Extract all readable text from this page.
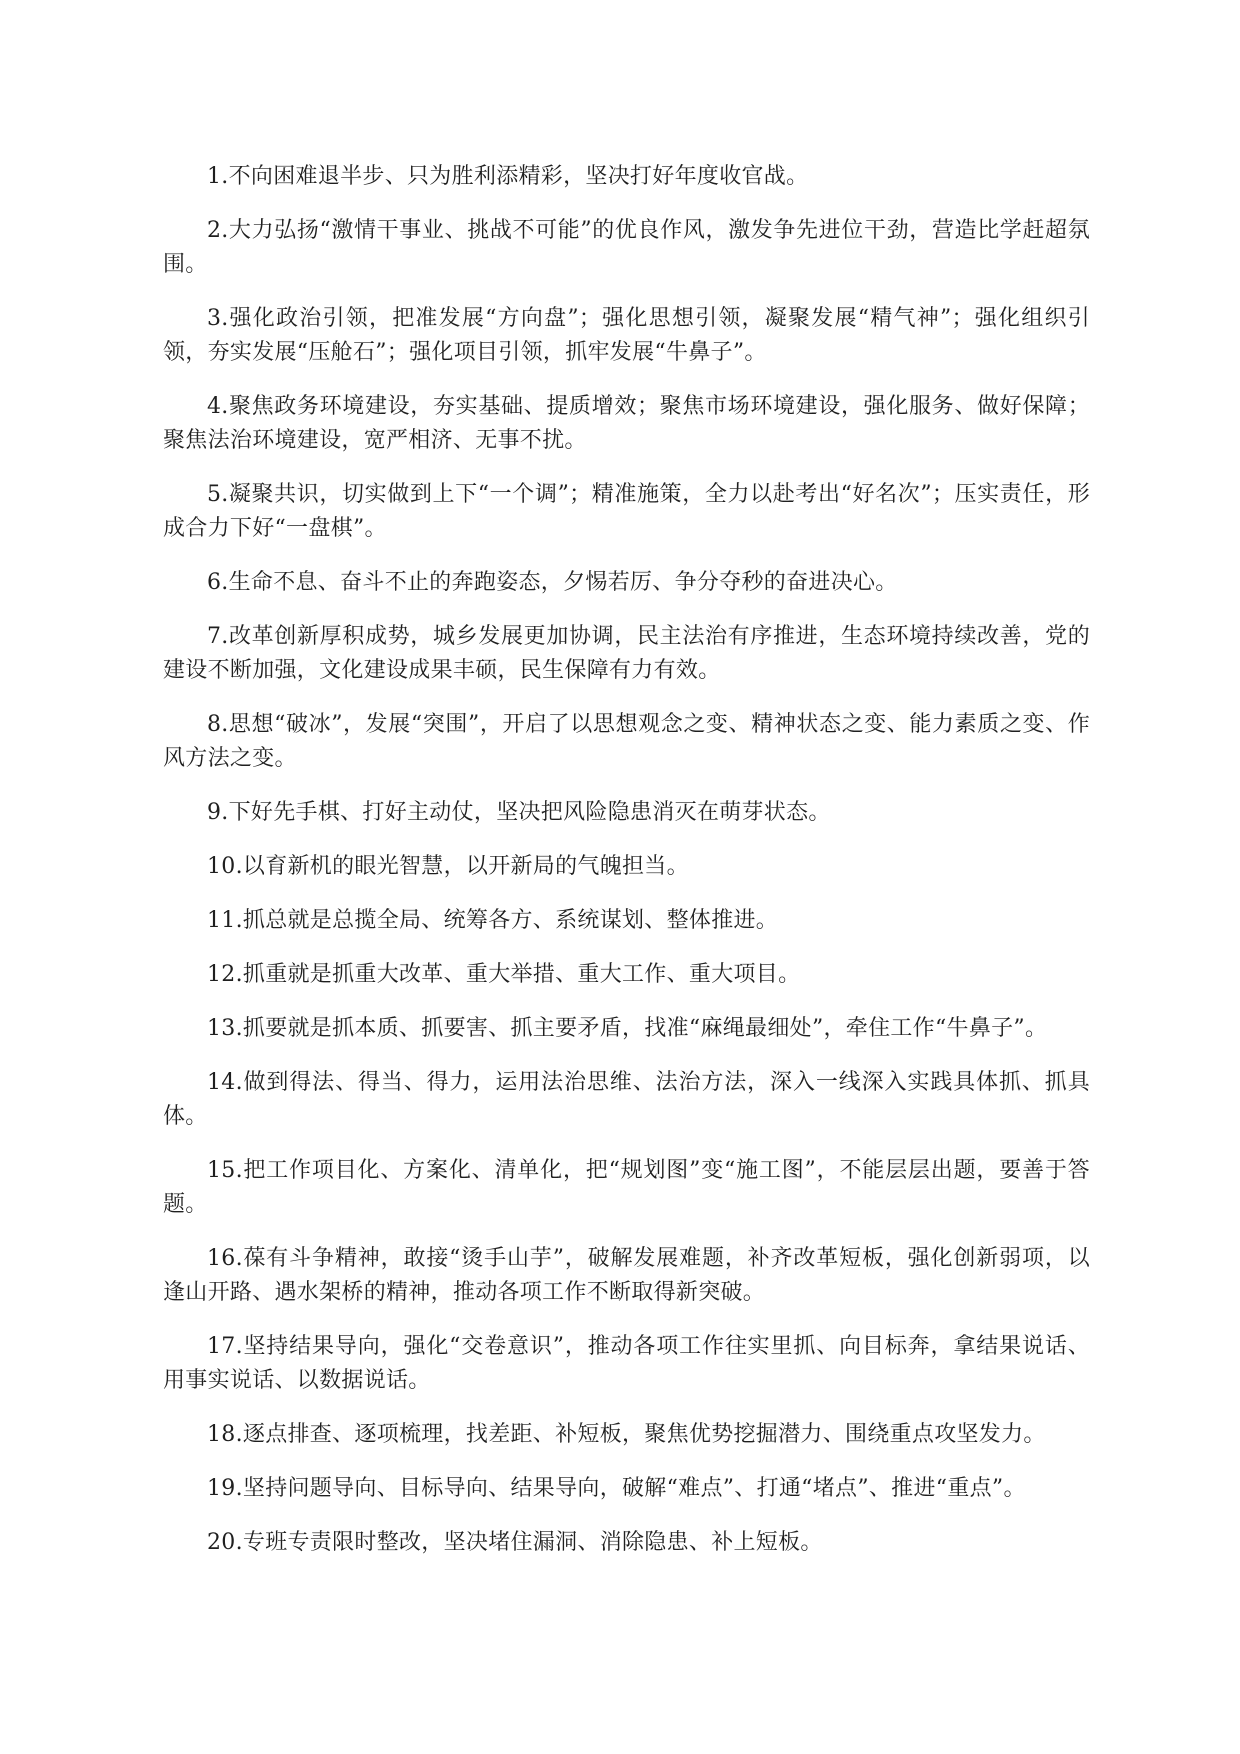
1.不向困难退半步、只为胜利添精彩，坚决打好年度收官战。
2.大力弘扬“激情干事业、挑战不可能”的优良作风，激发争先进位干劲，营造比学赶超氛围。
3.强化政治引领，把准发展“方向盘”；强化思想引领，凝聚发展“精气神”；强化组织引领，夯实发展“压舱石”；强化项目引领，抓牢发展“牛鼻子”。
4.聚焦政务环境建设，夯实基础、提质增效；聚焦市场环境建设，强化服务、做好保障；聚焦法治环境建设，宽严相济、无事不扰。
5.凝聚共识，切实做到上下“一个调”；精准施策，全力以赴考出“好名次”；压实责任，形成合力下好“一盘棋”。
6.生命不息、奋斗不止的奔跑姿态，夕惕若厉、争分夺秒的奋进决心。
7.改革创新厚积成势，城乡发展更加协调，民主法治有序推进，生态环境持续改善，党的建设不断加强，文化建设成果丰硕，民生保障有力有效。
8.思想“破冰”，发展“突围”，开启了以思想观念之变、精神状态之变、能力素质之变、作风方法之变。
9.下好先手棋、打好主动仗，坚决把风险隐患消灭在萌芽状态。
10.以育新机的眼光智慧，以开新局的气魄担当。
11.抓总就是总揽全局、统筹各方、系统谋划、整体推进。
12.抓重就是抓重大改革、重大举措、重大工作、重大项目。
13.抓要就是抓本质、抓要害、抓主要矛盾，找准“麻绳最细处”，牵住工作“牛鼻子”。
14.做到得法、得当、得力，运用法治思维、法治方法，深入一线深入实践具体抓、抓具体。
15.把工作项目化、方案化、清单化，把“规划图”变“施工图”，不能层层出题，要善于答题。
16.葆有斗争精神，敢接“烫手山芋”，破解发展难题，补齐改革短板，强化创新弱项，以逢山开路、遇水架桥的精神，推动各项工作不断取得新突破。
17.坚持结果导向，强化“交卷意识”，推动各项工作往实里抓、向目标奔，拿结果说话、用事实说话、以数据说话。
18.逐点排查、逐项梳理，找差距、补短板，聚焦优势挖掘潜力、围绕重点攻坚发力。
19.坚持问题导向、目标导向、结果导向，破解“难点”、打通“堵点”、推进“重点”。
20.专班专责限时整改，坚决堵住漏洞、消除隐患、补上短板。
